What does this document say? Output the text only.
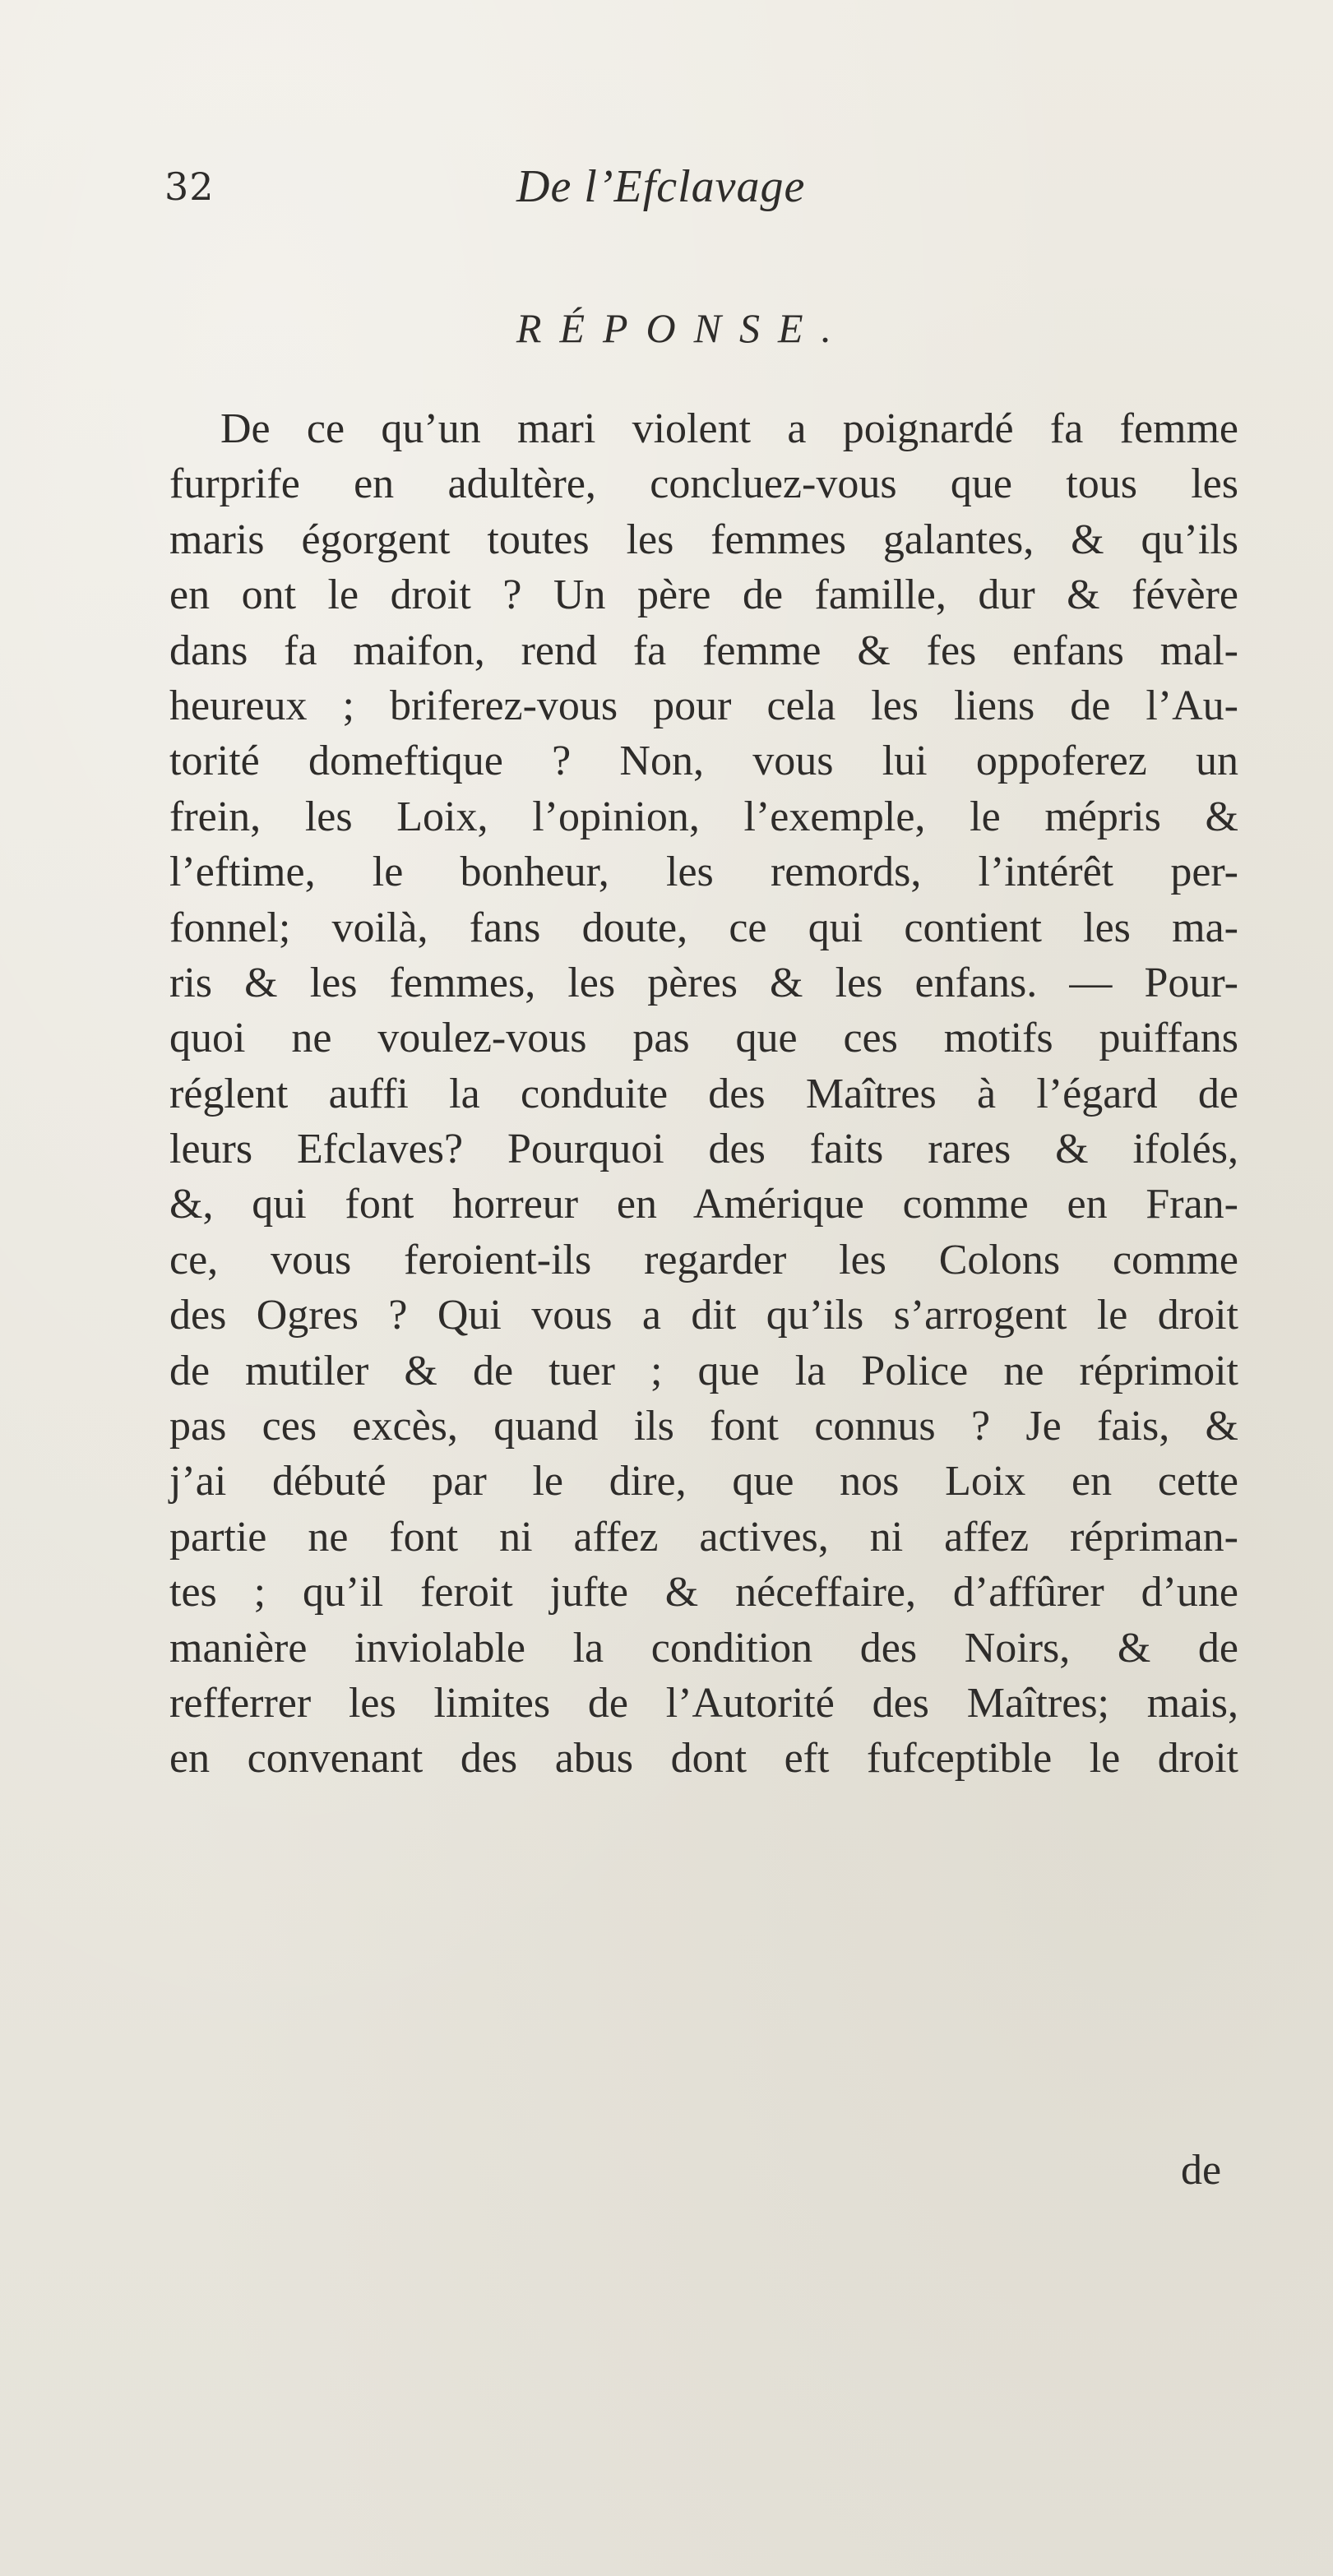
32	De l’Efclavage
RÉPONSE.
De ce qu’un mari violent a poignardé fa femme
furprife en adultère, concluez-vous que tous les
maris égorgent toutes les femmes galantes, & qu’ils
en ont le droit ? Un père de famille, dur & févère
dans fa maifon, rend fa femme & fes enfans mal-
heureux ; briferez-vous pour cela les liens de l’Au-
torité domeftique ? Non, vous lui oppoferez un
frein, les Loix, l’opinion, l’exemple, le mépris &
l’eftime, le bonheur, les remords, l’intérêt per-
fonnel; voilà, fans doute, ce qui contient les ma-
ris & les femmes, les pères & les enfans. — Pour-
quoi ne voulez-vous pas que ces motifs puiffans
réglent auffi la conduite des Maîtres à l’égard de
leurs Efclaves? Pourquoi des faits rares & ifolés,
&, qui font horreur en Amérique comme en Fran-
ce, vous feroient-ils regarder les Colons comme
des Ogres ? Qui vous a dit qu’ils s’arrogent le droit
de mutiler & de tuer ; que la Police ne réprimoit
pas ces excès, quand ils font connus ? Je fais, &
j’ai débuté par le dire, que nos Loix en cette
partie ne font ni affez actives, ni affez répriman-
tes ; qu’il feroit jufte & néceffaire, d’affûrer d’une
manière inviolable la condition des Noirs, & de
refferrer les limites de l’Autorité des Maîtres; mais,
en convenant des abus dont eft fufceptible le droit
de
